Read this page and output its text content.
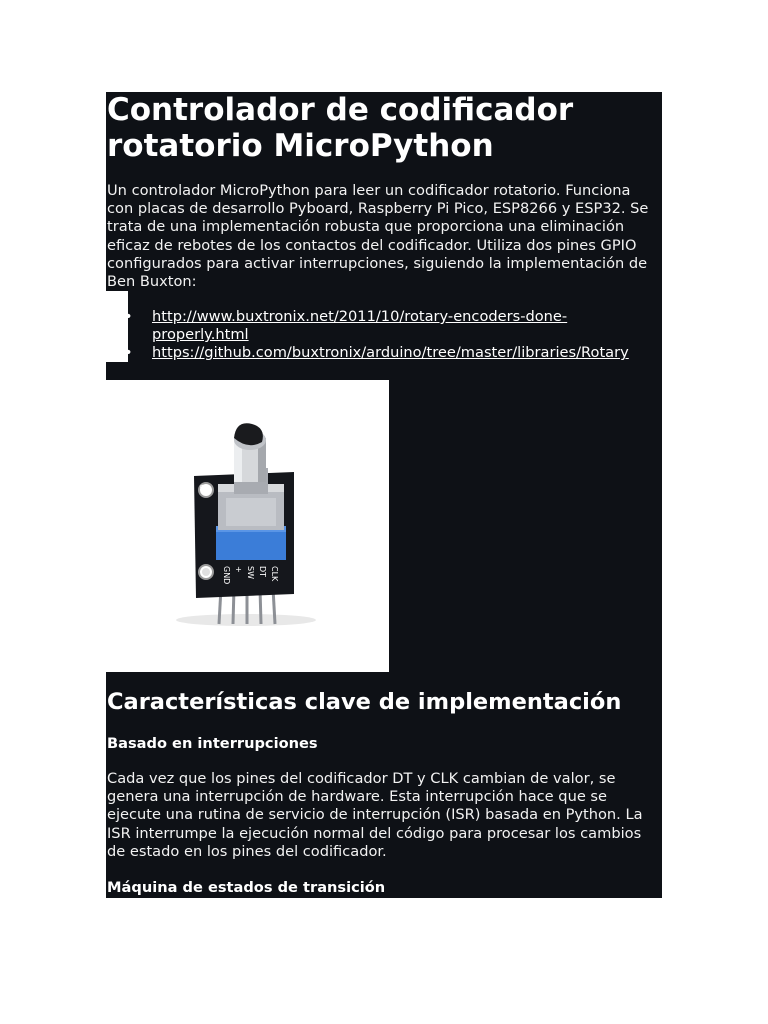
Controlador de codificador rotatorio MicroPython

Un controlador MicroPython para leer un codificador rotatorio. Funciona con placas de desarrollo Pyboard, Raspberry Pi Pico, ESP8266 y ESP32. Se trata de una implementación robusta que proporciona una eliminación eficaz de rebotes de los contactos del codificador. Utiliza dos pines GPIO configurados para activar interrupciones, siguiendo la implementación de Ben Buxton:

• http://www.buxtronix.net/2011/10/rotary-encoders-done-properly.html
• https://github.com/buxtronix/arduino/tree/master/libraries/Rotary
U
GND + SW DT CLK
Características clave de implementación
Basado en interrupciones

Cada vez que los pines del codificador DT y CLK cambian de valor, se genera una interrupción de hardware. Esta interrupción hace que se ejecute una rutina de servicio de interrupción (ISR) basada en Python. La ISR interrumpe la ejecución normal del código para procesar los cambios de estado en los pines del codificador.

Máquina de estados de transición
